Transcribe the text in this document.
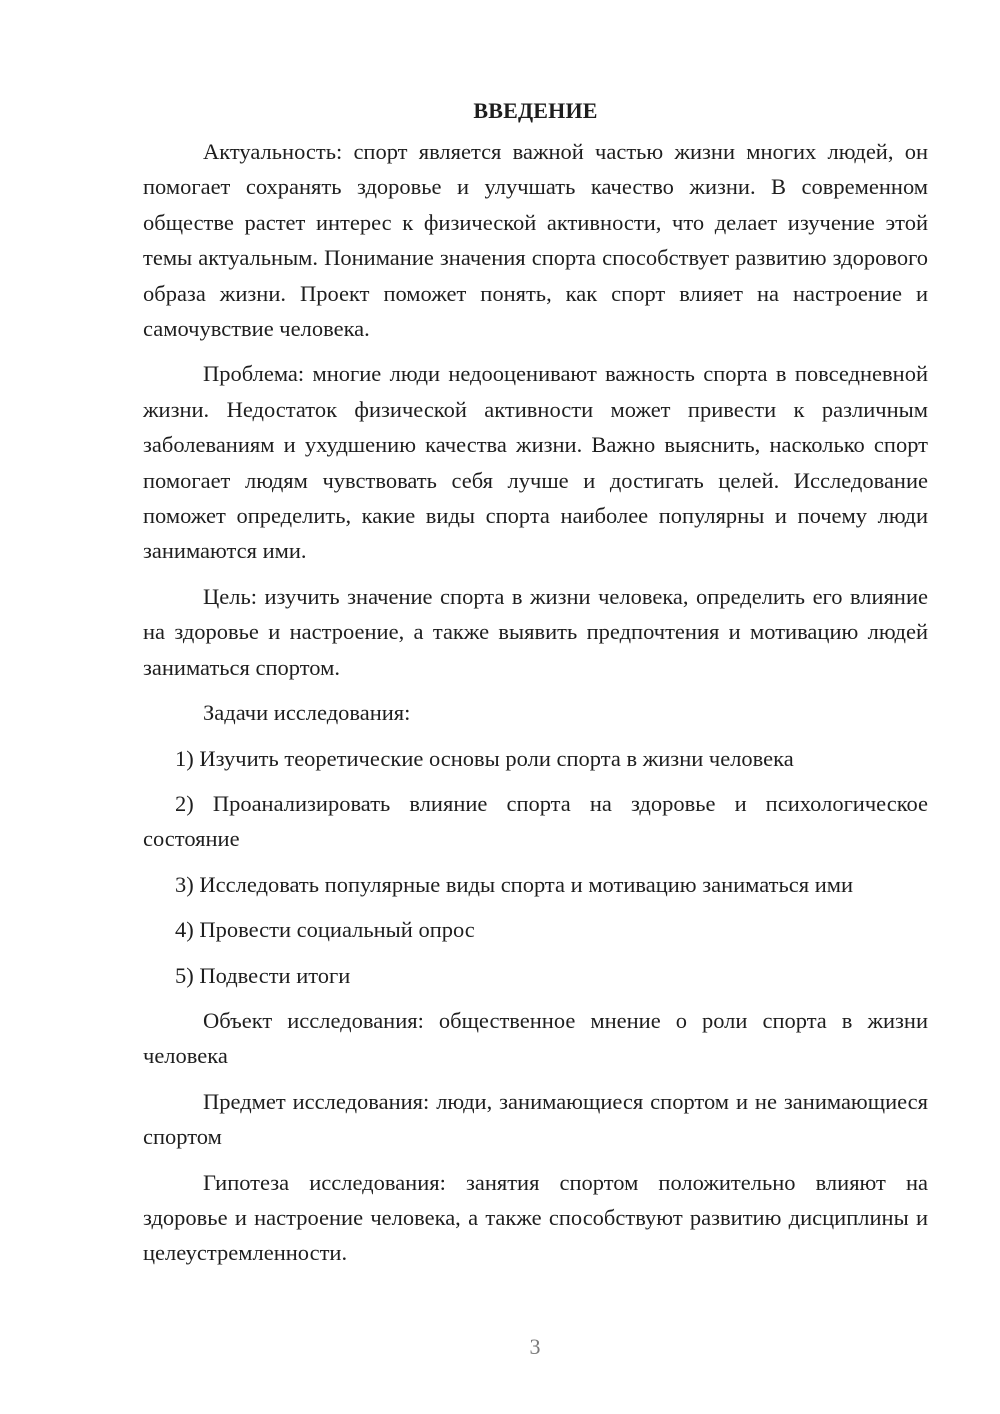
ВВЕДЕНИЕ

Актуальность: спорт является важной частью жизни многих людей, он помогает сохранять здоровье и улучшать качество жизни. В современном обществе растет интерес к физической активности, что делает изучение этой темы актуальным. Понимание значения спорта способствует развитию здорового образа жизни. Проект поможет понять, как спорт влияет на настроение и самочувствие человека.

Проблема: многие люди недооценивают важность спорта в повседневной жизни. Недостаток физической активности может привести к различным заболеваниям и ухудшению качества жизни. Важно выяснить, насколько спорт помогает людям чувствовать себя лучше и достигать целей. Исследование поможет определить, какие виды спорта наиболее популярны и почему люди занимаются ими.

Цель: изучить значение спорта в жизни человека, определить его влияние на здоровье и настроение, а также выявить предпочтения и мотивацию людей заниматься спортом.

Задачи исследования:

1) Изучить теоретические основы роли спорта в жизни человека

2) Проанализировать влияние спорта на здоровье и психологическое состояние

3) Исследовать популярные виды спорта и мотивацию заниматься ими

4) Провести социальный опрос

5) Подвести итоги

Объект исследования: общественное мнение о роли спорта в жизни человека

Предмет исследования: люди, занимающиеся спортом и не занимающиеся спортом

Гипотеза исследования: занятия спортом положительно влияют на здоровье и настроение человека, а также способствуют развитию дисциплины и целеустремленности.

3
